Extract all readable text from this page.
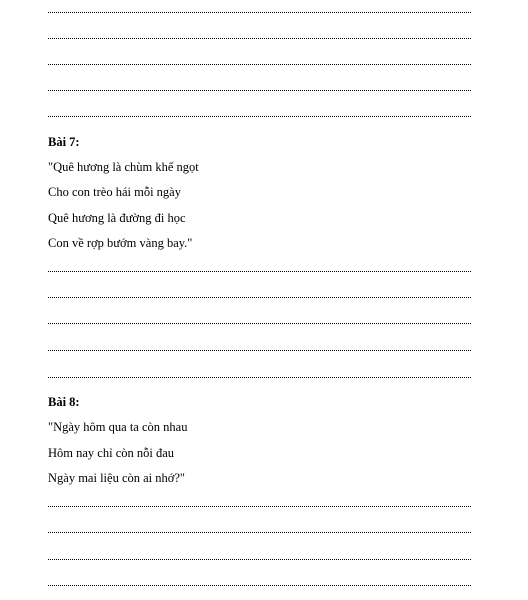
Bài 7:
"Quê hương là chùm khế ngọt
Cho con trèo hái mỗi ngày
Quê hương là đường đi học
Con về rợp bướm vàng bay."
Bài 8:
"Ngày hôm qua ta còn nhau
Hôm nay chỉ còn nỗi đau
Ngày mai liệu còn ai nhớ?"
